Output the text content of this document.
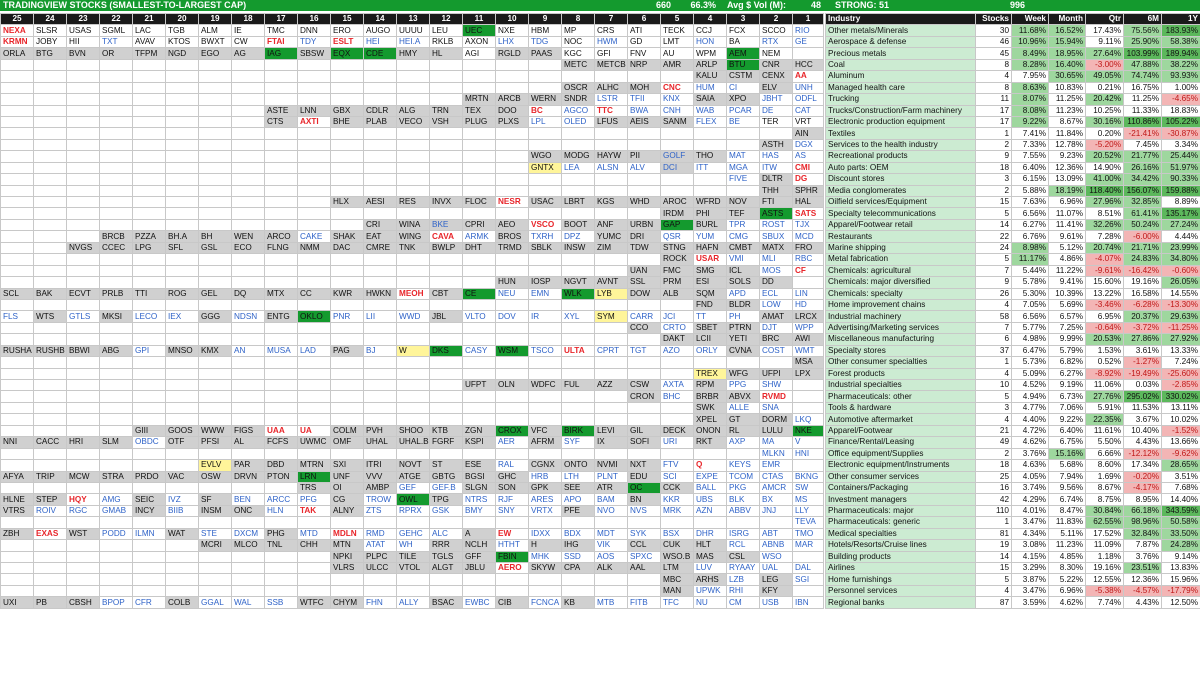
TRADINGVIEW STOCKS (SMALLEST-TO-LARGEST CAP)	660	66.3%	Avg $ Vol (M):	48	STRONG: 51	996
25	24	23	22	21	20	19	18	17	16	15	14	13	12	11	10	9	8	7	6	5	4	3	2	1	
NEXA	SLSR	USAS	SGML	LAC	TGB	ALM	IE	TMC	DNN	ERO	AUGO	UUUU	LEU	UEC	NXE	HBM	MP	CRS	ATI	TECK	CCJ	FCX	SCCO	RIO	
KRMN	JOBY	HII	TXT	AVAV	KTOS	BWXT	CW	FTAI	TDY	ESLT	HEI	HEI.A	RKLB	AXON	LHX	TDG	NOC	HWM	GD	LMT	HON	BA	RTX	GE	
ORLA	BTG	BVN	OR	TFPM	NGD	EGO	AG	IAG	SBSW	EQX	CDE	HMY	HL	AGI	RGLD	PAAS	KGC	GFI	FNV	AU	WPM	AEM	NEM		
																	METC	METCB	NRP	AMR	ARLP	BTU	CNR	HCC	
																					KALU	CSTM	CENX	AA	
																	OSCR	ALHC	MOH	CNC	HUM	CI	ELV	UNH	
														MRTN	ARCB	WERN	SNDR	LSTR	TFII	KNX	SAIA	XPO	JBHT	ODFL	
								ASTE	LNN	GBX	CDLR	ALG	TRN	TEX	DOO	BC	AGCO	TTC	BWA	CNH	WAB	PCAR	DE	CAT	
								CTS	AXTI	BHE	PLAB	VECO	VSH	PLUG	PLXS	LPL	OLED	LFUS	AEIS	SANM	FLEX	BE	TER	VRT	
																								AIN	
																							ASTH	DGX	
																WGO	MODG	HAYW	PII	GOLF	THO	MAT	HAS	AS	
																GNTX	LEA	ALSN	ALV	DCI	ITT	MGA	ITW	CMI	
																						FIVE	DLTR	DG	
																							THH	SPHR	
										HLX	AESI	RES	INVX	FLOC	NESR	USAC	LBRT	KGS	WHD	AROC	WFRD	NOV	FTI	HAL	
																				IRDM	PHI	TEF	ASTS	SATS	
											CRI	WINA	BKE	CPRI	AEO	VSCO	BOOT	ANF	URBN	GAP	BURL	TPR	ROST	TJX	
			BRCB	PZZA	BH.A	BH	WEN	ARCO	CAKE	SHAK	EAT	WING	CAVA	ARMK	BROS	TXRH	DPZ	YUMC	DRI	QSR	YUM	CMG	SBUX	MCD	
		NVGS	CCEC	LPG	SFL	GSL	ECO	FLNG	NMM	DAC	CMRE	TNK	BWLP	DHT	TRMD	SBLK	INSW	ZIM	TDW	STNG	HAFN	CMBT	MATX	FRO	
																				ROCK	USAR	VMI	MLI	RBC	
																			UAN	FMC	SMG	ICL	MOS	CF	
															HUN	IOSP	NGVT	AVNT	SSL	PRM	ESI	SOLS	DD		
SCL	BAK	ECVT	PRLB	TTI	ROG	GEL	DQ	MTX	CC	KWR	HWKN	MEOH	CBT	CE	NEU	EMN	WLK	LYB	DOW	ALB	SQM	APD	ECL	LIN	
																					FND	BLDR	LOW	HD	
FLS	WTS	GTLS	MKSI	LECO	IEX	GGG	NDSN	ENTG	OKLO	PNR	LII	WWD	JBL	VLTO	DOV	IR	XYL	SYM	CARR	JCI	TT	PH	AMAT	LRCX	
																			CCO	CRTO	SBET	PTRN	DJT	WPP	
																				DAKT	LCII	YETI	BRC	AWI	
RUSHA	RUSHB	BBWI	ABG	GPI	MNSO	KMX	AN	MUSA	LAD	PAG	BJ	W	DKS	CASY	WSM	TSCO	ULTA	CPRT	TGT	AZO	ORLY	CVNA	COST	WMT	
																								MSA	
																					TREX	WFG	UFPI	LPX	
														UFPT	OLN	WDFC	FUL	AZZ	CSW	AXTA	RPM	PPG	SHW		
																			CRON	BHC	BRBR	ABVX	RVMD		
																					SWK	ALLE	SNA		
																					XPEL	GT	DORM	LKQ	
				GIII	GOOS	WWW	FIGS	UAA	UA	COLM	PVH	SHOO	KTB	ZGN	CROX	VFC	BIRK	LEVI	GIL	DECK	ONON	RL	LULU	NKE	
NNI	CACC	HRI	SLM	OBDC	OTF	PFSI	AL	FCFS	UWMC	OMF	UHAL	UHAL.B	FGRF	KSPI	AER	AFRM	SYF	IX	SOFI	URI	RKT	AXP	MA	V	
																							MLKN	HNI	
						EVLV	PAR	DBD	MTRN	SXI	ITRI	NOVT	ST	ESE	RAL	CGNX	ONTO	NVMI	NXT	FTV	Q	KEYS	EMR		
AFYA	TRIP	MCW	STRA	PRDO	VAC	OSW	DRVN	PTON	LRN	UNF	VVV	ATGE	GBTG	BGSI	GHC	HRB	LTH	PLNT	EDU	SCI	EXPE	TCOM	CTAS	BKNG	
									TRS	OI	AMBP	GEF	GEF.B	SLGN	SON	GPK	SEE	ATR	OC	CCK	BALL	PKG	AMCR	SW	
HLNE	STEP	HQY	AMG	SEIC	IVZ	SF	BEN	ARCC	PFG	CG	TROW	OWL	TPG	NTRS	RJF	ARES	APO	BAM	BN	KKR	UBS	BLK	BX	MS	
VTRS	ROIV	RGC	GMAB	INCY	BIIB	INSM	ONC	HLN	TAK	ALNY	ZTS	RPRX	GSK	BMY	SNY	VRTX	PFE	NVO	NVS	MRK	AZN	ABBV	JNJ	LLY	
																								TEVA	
ZBH	EXAS	WST	PODD	ILMN	WAT	STE	DXCM	PHG	MTD	MDLN	RMD	GEHC	ALC	A	EW	IDXX	BDX	MDT	SYK	BSX	DHR	ISRG	ABT	TMO	
						MCRI	MLCO	TNL	CHH	MTN	ATAT	WH	RRR	NCLH	HTHT	H	IHG	VIK	CCL	CUK	HLT	RCL	ABNB	MAR	
										NPKI	PLPC	TILE	TGLS	GFF	FBIN	MHK	SSD	AOS	SPXC	WSO.B	MAS	CSL	WSO		
										VLRS	ULCC	VTOL	ALGT	JBLU	AERO	SKYW	CPA	ALK	AAL	LTM	LUV	RYAAY	UAL	DAL	
																				MBC	ARHS	LZB	LEG	SGI	
																				MAN	UPWK	RHI	KFY		
UXI	PB	CBSH	BPOP	CFR	COLB	GGAL	WAL	SSB	WTFC	CHYM	FHN	ALLY	BSAC	EWBC	CIB	FCNCA	KB	MTB	FITB	TFC	NU	CM	USB	IBN	
Industry	Stocks	Week	Month	Qtr	6M	1Y
Other metals/Minerals	30	11.68%	16.52%	17.43%	75.56%	183.93%
Aerospace & defense	46	10.96%	15.94%	9.11%	25.90%	58.38%
Precious metals	45	8.49%	18.95%	27.64%	103.99%	189.94%
Coal	8	8.28%	16.40%	-3.00%	47.88%	38.22%
Aluminum	4	7.95%	30.65%	49.05%	74.74%	93.93%
Managed health care	8	8.63%	10.83%	0.21%	16.75%	1.00%
Trucking	11	8.07%	11.25%	20.42%	11.25%	-4.65%
Trucks/Construction/Farm machinery	17	8.08%	11.23%	10.25%	11.33%	18.83%
Electronic production equipment	17	9.22%	8.67%	30.16%	110.86%	105.22%
Textiles	1	7.41%	11.84%	0.20%	-21.41%	-30.87%
Services to the health industry	2	7.33%	12.78%	-5.20%	7.45%	3.34%
Recreational products	9	7.55%	9.23%	20.52%	21.77%	25.44%
Auto parts: OEM	18	6.40%	12.36%	14.90%	26.16%	51.97%
Discount stores	3	6.15%	13.09%	41.00%	34.42%	90.33%
Media conglomerates	2	5.88%	18.19%	118.40%	156.07%	159.88%
Oilfield services/Equipment	15	7.63%	6.96%	27.96%	32.85%	8.89%
Specialty telecommunications	5	6.56%	11.07%	8.51%	61.41%	135.17%
Apparel/Footwear retail	14	6.27%	11.41%	32.26%	50.24%	27.24%
Restaurants	22	6.76%	9.61%	7.28%	-6.00%	4.44%
Marine shipping	24	8.98%	5.12%	20.74%	21.71%	23.99%
Metal fabrication	5	11.17%	4.86%	-4.07%	24.83%	34.80%
Chemicals: agricultural	7	5.44%	11.22%	-9.61%	-16.42%	-0.60%
Chemicals: major diversified	9	5.78%	9.41%	15.60%	19.16%	26.05%
Chemicals: specialty	26	5.30%	10.39%	13.22%	16.58%	14.55%
Home improvement chains	4	7.05%	5.69%	-3.46%	-6.28%	-13.30%
Industrial machinery	58	6.56%	6.57%	6.95%	20.37%	29.63%
Advertising/Marketing services	7	5.77%	7.25%	-0.64%	-3.72%	-11.25%
Miscellaneous manufacturing	6	4.98%	9.99%	20.53%	27.86%	27.92%
Specialty stores	37	6.47%	5.79%	1.53%	3.61%	13.33%
Other consumer specialties	1	5.73%	6.82%	0.52%	-1.27%	7.24%
Forest products	4	5.09%	6.27%	-8.92%	-19.49%	-25.60%
Industrial specialties	10	4.52%	9.19%	11.06%	0.03%	-2.85%
Pharmaceuticals: other	5	4.94%	6.73%	27.76%	295.02%	330.02%
Tools & hardware	3	4.77%	7.06%	5.91%	11.53%	13.11%
Automotive aftermarket	4	4.40%	9.22%	22.35%	3.67%	10.02%
Apparel/Footwear	21	4.72%	6.40%	11.61%	10.40%	-1.52%
Finance/Rental/Leasing	49	4.62%	6.75%	5.50%	4.43%	13.66%
Office equipment/Supplies	2	3.76%	15.16%	6.66%	-12.12%	-9.62%
Electronic equipment/Instruments	18	4.63%	5.68%	8.60%	17.34%	28.65%
Other consumer services	25	4.05%	7.94%	1.69%	-0.20%	3.51%
Containers/Packaging	16	3.74%	9.56%	8.67%	-4.17%	7.68%
Investment managers	42	4.29%	6.74%	8.75%	8.95%	14.40%
Pharmaceuticals: major	110	4.01%	8.47%	30.84%	66.18%	343.59%
Pharmaceuticals: generic	1	3.47%	11.83%	62.55%	98.96%	50.58%
Medical specialties	81	4.34%	5.11%	17.52%	32.84%	33.50%
Hotels/Resorts/Cruise lines	19	3.08%	11.23%	11.09%	7.87%	24.28%
Building products	14	4.15%	4.85%	1.18%	3.76%	9.14%
Airlines	15	3.29%	8.30%	19.16%	23.51%	13.83%
Home furnishings	5	3.87%	5.22%	12.55%	12.36%	15.96%
Personnel services	4	3.47%	6.96%	-5.38%	-4.57%	-17.79%
Regional banks	87	3.59%	4.62%	7.74%	4.43%	12.50%
